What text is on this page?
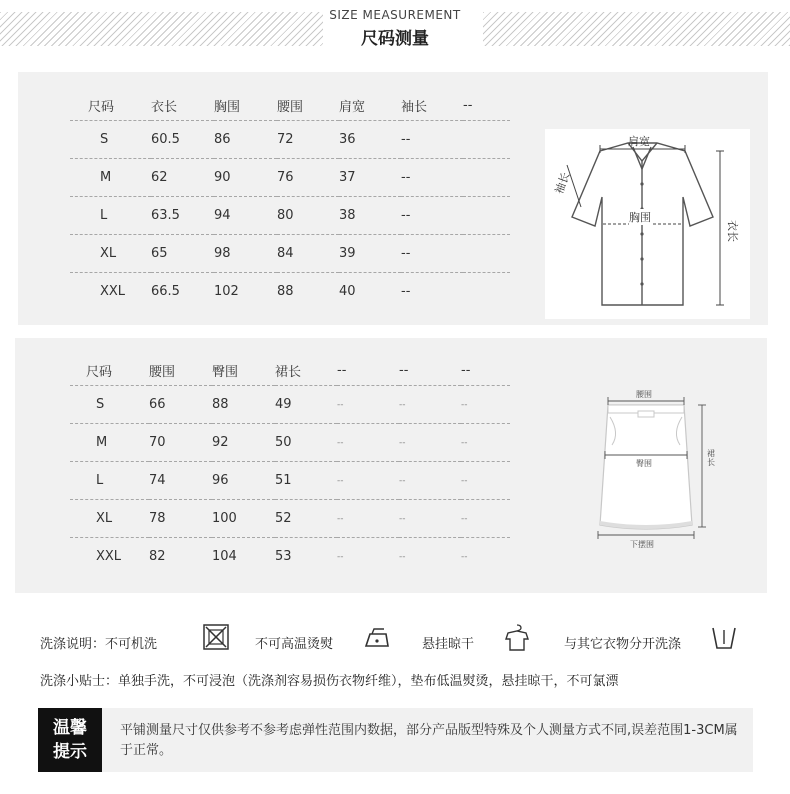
SIZE MEASUREMENT
尺码测量
尺码	衣长	胸围	腰围	肩宽	袖长	--
S	60.5	86	72	36	--	
M	62	90	76	37	--	
L	63.5	94	80	38	--	
XL	65	98	84	39	--	
XXL	66.5	102	88	40	--	
肩宽
胸围
袖长
衣长
尺码	腰围	臀围	裙长	--	--	--
S	66	88	49	--	--	--
M	70	92	50	--	--	--
L	74	96	51	--	--	--
XL	78	100	52	--	--	--
XXL	82	104	53	--	--	--
腰围
臀围
下摆围
裙长
洗涤说明：不可机洗	不可高温烫熨	悬挂晾干	与其它衣物分开洗涤
洗涤小贴士：单独手洗，不可浸泡（洗涤剂容易损伤衣物纤维），垫布低温熨烫，悬挂晾干，不可氯漂
温馨
提示
平铺测量尺寸仅供参考不参考虑弹性范围内数据，部分产品版型特殊及个人测量方式不同,误差范围1-3CM属于正常。
